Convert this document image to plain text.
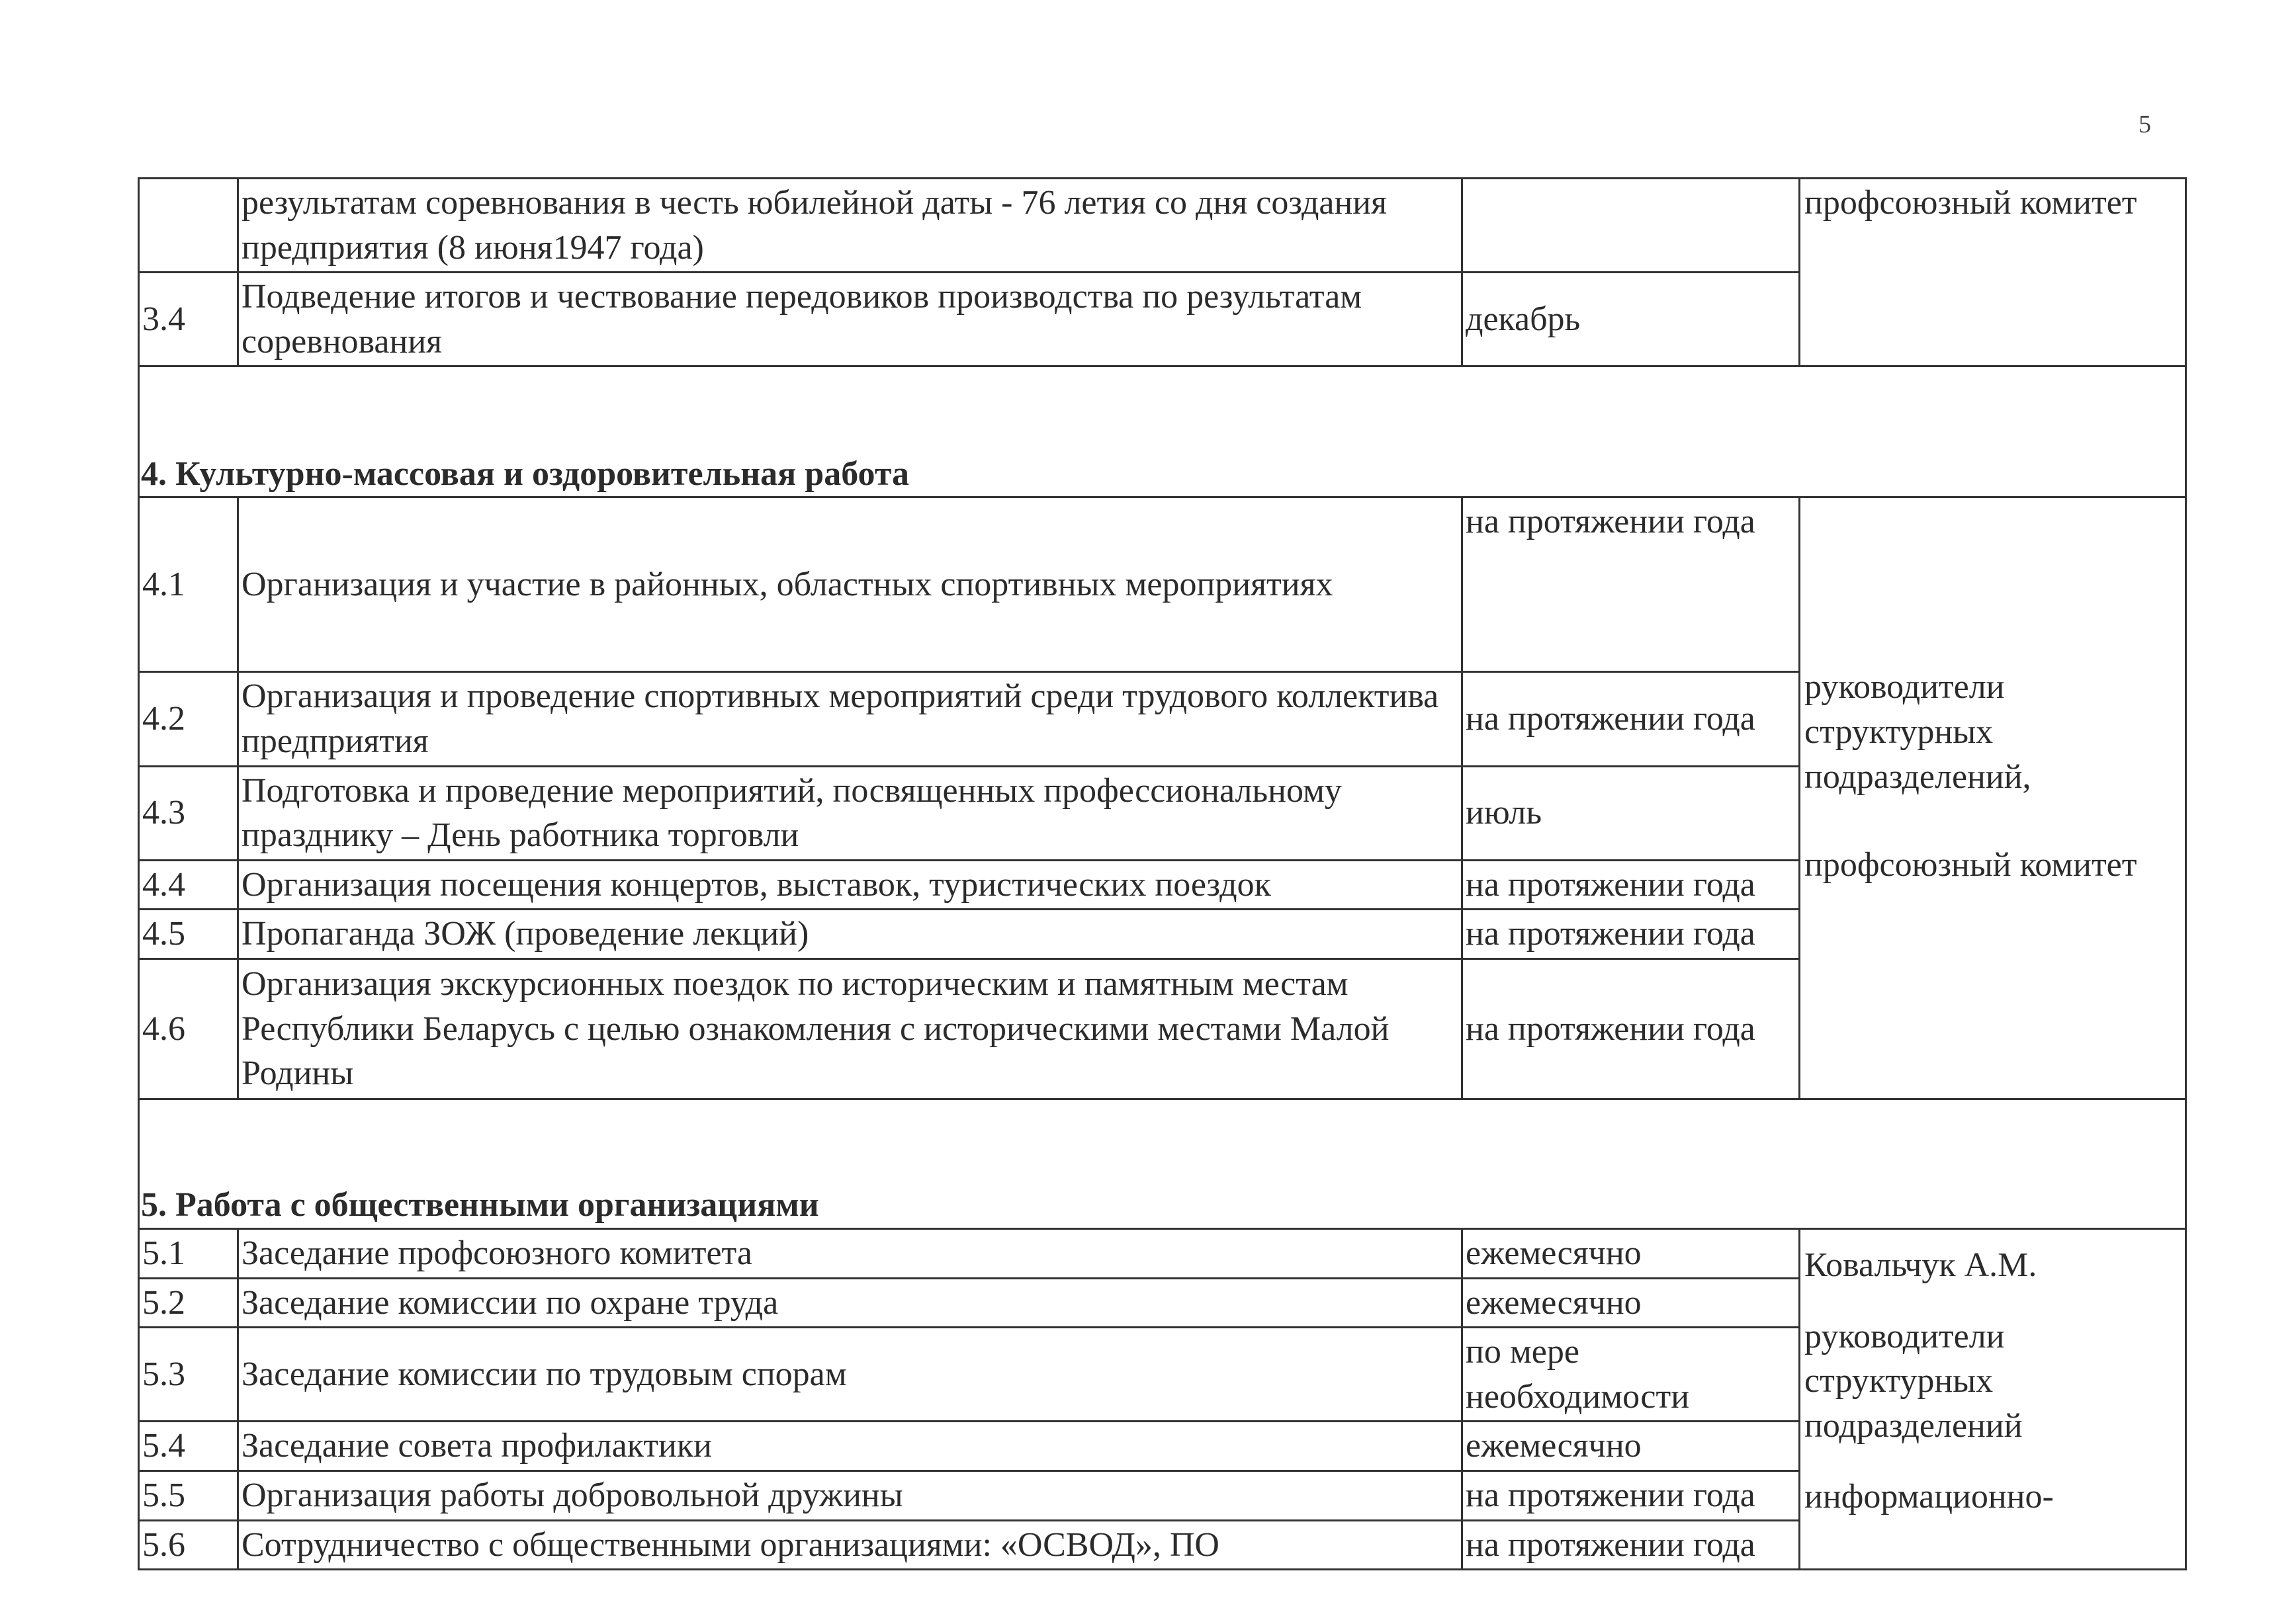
5
	результатам соревнования в честь юбилейной даты - 76 летия со дня создания предприятия (8 июня1947 года)		профсоюзный комитет
3.4	Подведение итогов и чествование передовиков производства по результатам соревнования	декабрь	
4. Культурно-массовая и оздоровительная работа			
4.1	Организация и участие в районных, областных спортивных мероприятиях	на протяжении года	руководители структурных подразделений,
профсоюзный комитет

4.2	Организация и проведение спортивных мероприятий среди трудового коллектива предприятия	на протяжении года	
4.3	Подготовка и проведение мероприятий, посвященных профессиональному празднику – День работника торговли	июль	
4.4	Организация посещения концертов, выставок, туристических поездок	на протяжении года	
4.5	Пропаганда ЗОЖ (проведение лекций)	на протяжении года	
4.6	Организация экскурсионных поездок по историческим и памятным местам Республики Беларусь с целью ознакомления с историческими местами Малой Родины	на протяжении года	
5. Работа с общественными организациями			
5.1	Заседание профсоюзного комитета	ежемесячно	Ковальчук А.М.
руководители структурных подразделений
информационно-

5.2	Заседание комиссии по охране труда	ежемесячно	
5.3	Заседание комиссии по трудовым спорам	по мере необходимости	
5.4	Заседание совета профилактики	ежемесячно	
5.5	Организация работы добровольной дружины	на протяжении года	
5.6	Сотрудничество с общественными организациями: «ОСВОД», ПО	на протяжении года	
